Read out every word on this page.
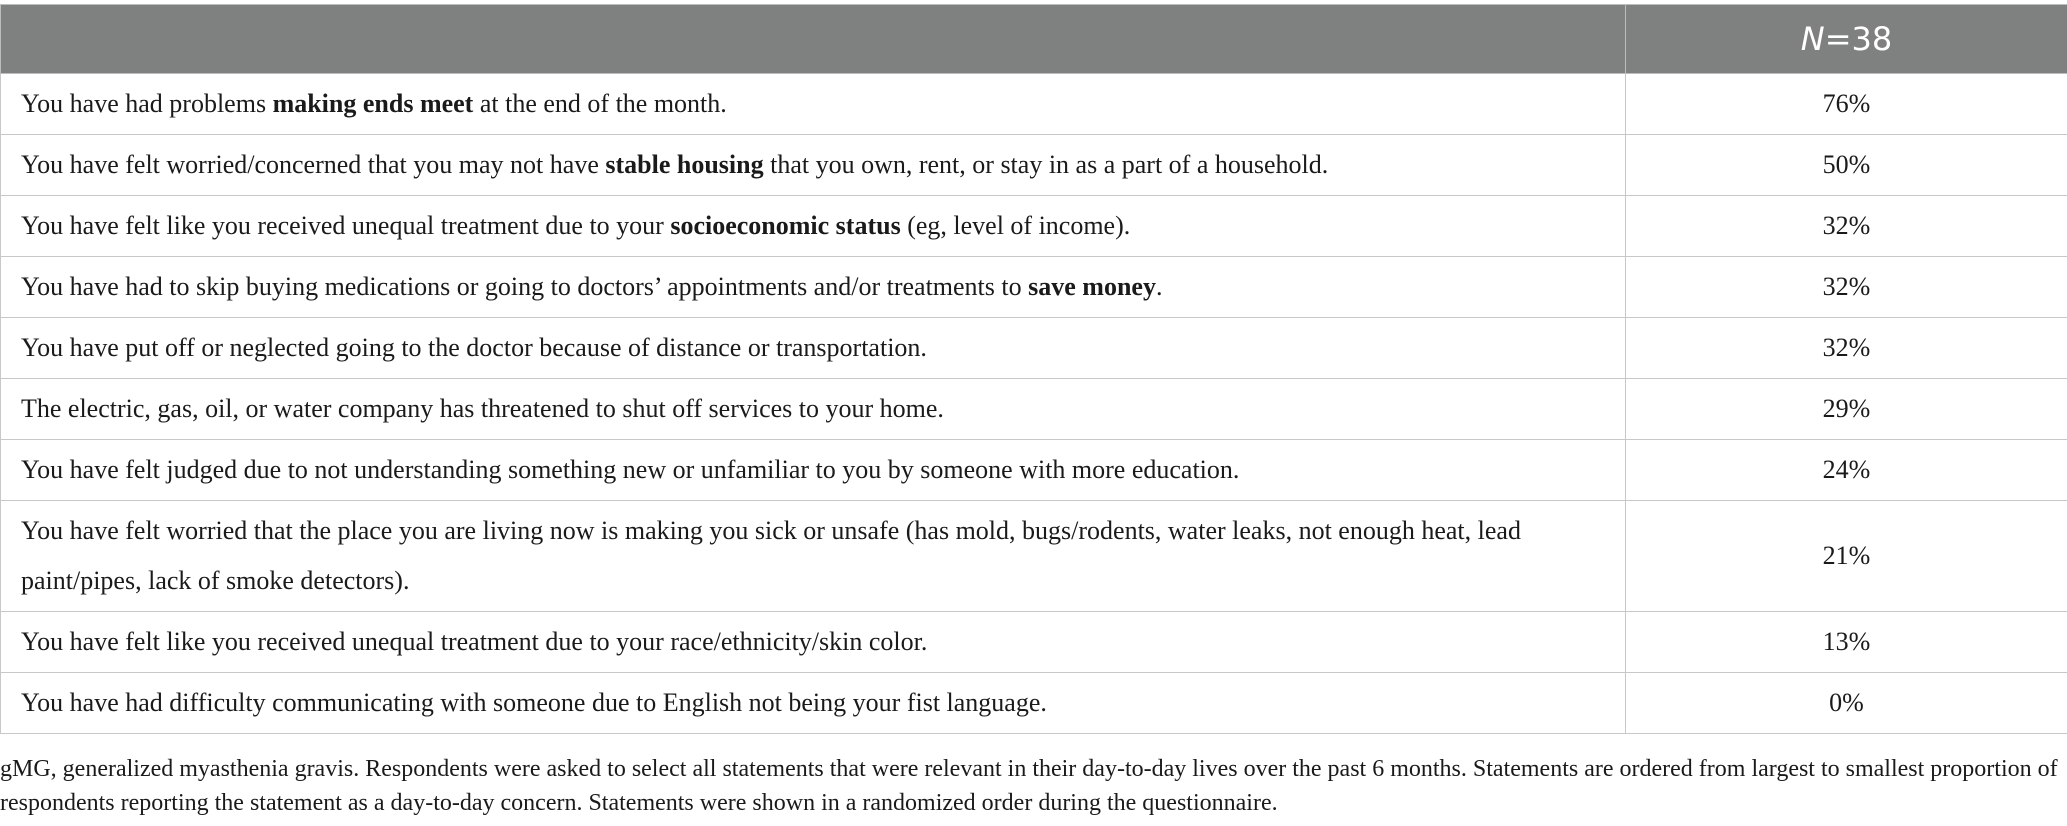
	N=38
You have had problems making ends meet at the end of the month.	76%
You have felt worried/concerned that you may not have stable housing that you own, rent, or stay in as a part of a household.	50%
You have felt like you received unequal treatment due to your socioeconomic status (eg, level of income).	32%
You have had to skip buying medications or going to doctors’ appointments and/or treatments to save money.	32%
You have put off or neglected going to the doctor because of distance or transportation.	32%
The electric, gas, oil, or water company has threatened to shut off services to your home.	29%
You have felt judged due to not understanding something new or unfamiliar to you by someone with more education.	24%
You have felt worried that the place you are living now is making you sick or unsafe (has mold, bugs/rodents, water leaks, not enough heat, lead paint/pipes, lack of smoke detectors).	21%
You have felt like you received unequal treatment due to your race/ethnicity/skin color.	13%
You have had difficulty communicating with someone due to English not being your fist language.	0%
gMG, generalized myasthenia gravis. Respondents were asked to select all statements that were relevant in their day-to-day lives over the past 6 months. Statements are ordered from largest to smallest proportion of respondents reporting the statement as a day-to-day concern. Statements were shown in a randomized order during the questionnaire.
